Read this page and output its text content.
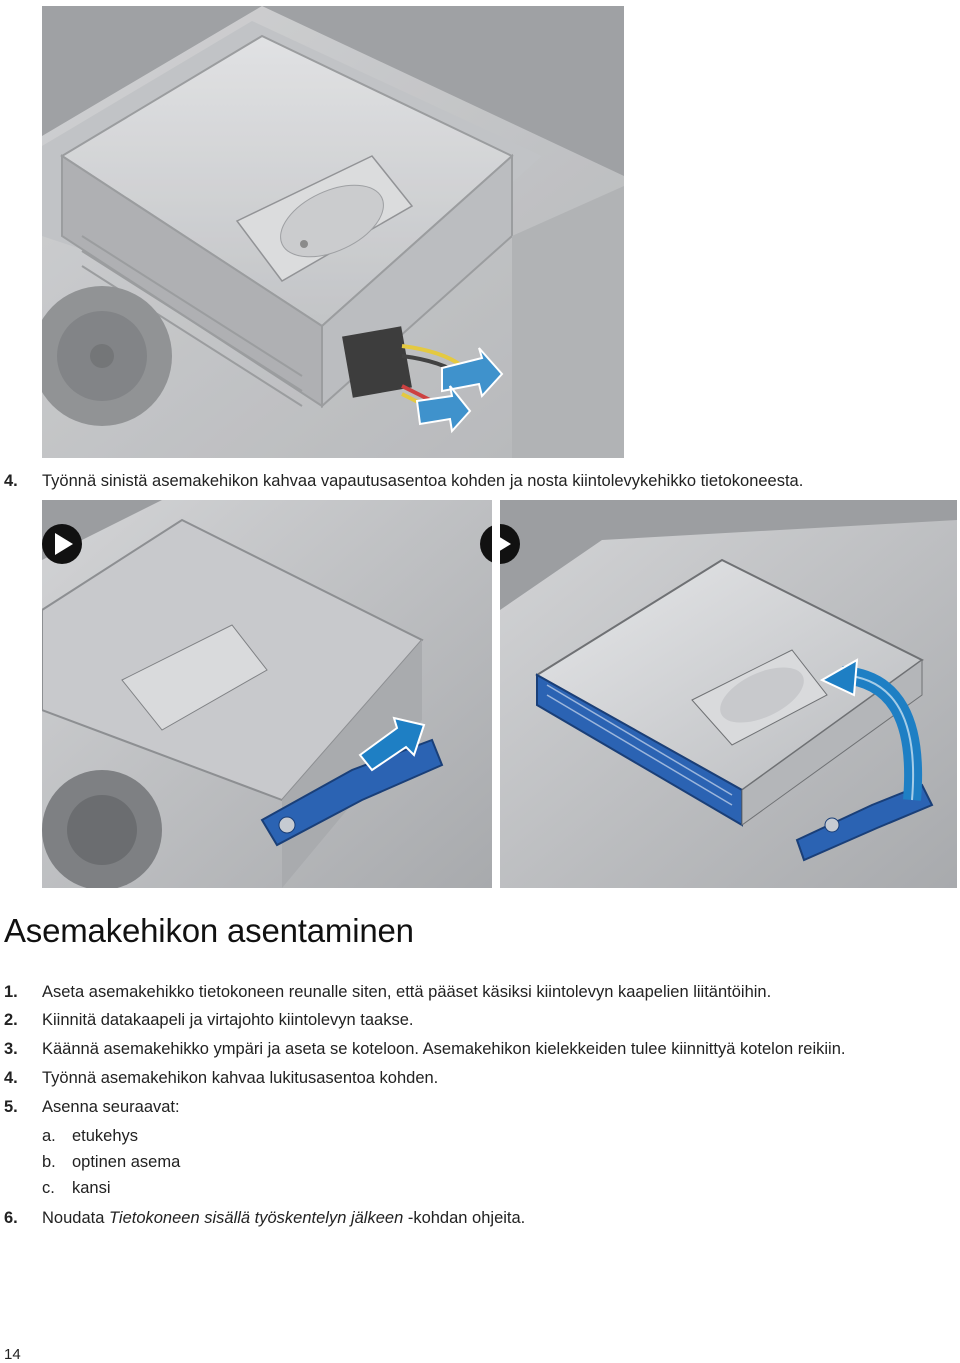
4. Työnnä sinistä asemakehikon kahvaa vapautusasentoa kohden ja nosta kiintolevykehikko tietokoneesta.
Asemakehikon asentaminen
1. Aseta asemakehikko tietokoneen reunalle siten, että pääset käsiksi kiintolevyn kaapelien liitäntöihin.
2. Kiinnitä datakaapeli ja virtajohto kiintolevyn taakse.
3. Käännä asemakehikko ympäri ja aseta se koteloon. Asemakehikon kielekkeiden tulee kiinnittyä kotelon reikiin.
4. Työnnä asemakehikon kahvaa lukitusasentoa kohden.
5. Asenna seuraavat:
a. etukehys
b. optinen asema
c. kansi
6. Noudata Tietokoneen sisällä työskentelyn jälkeen -kohdan ohjeita.
14
